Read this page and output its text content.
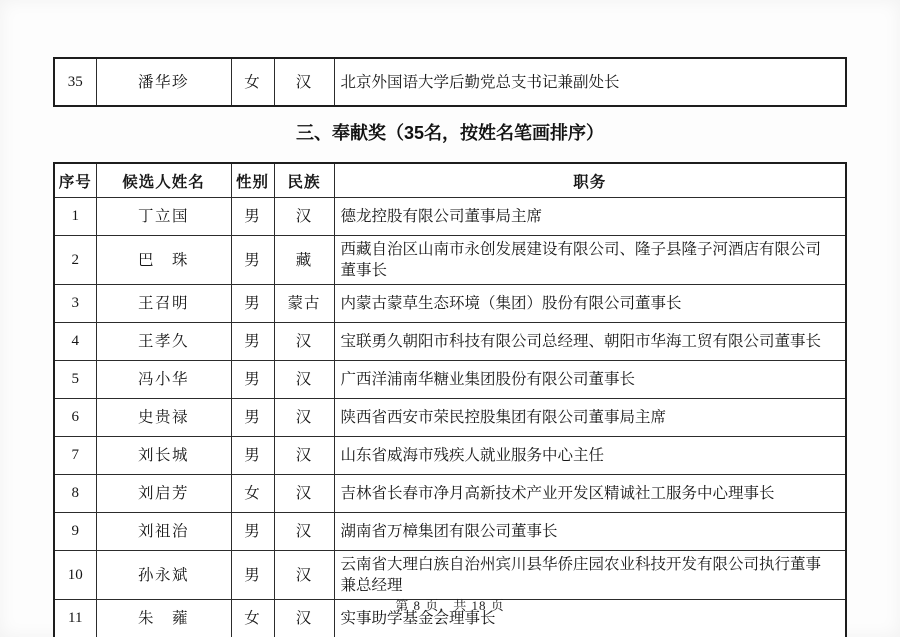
35	潘华珍	女	汉	北京外国语大学后勤党总支书记兼副处长
三、奉献奖（35名，按姓名笔画排序）
序号	候选人姓名	性别	民族	职务
1	丁立国	男	汉	德龙控股有限公司董事局主席
2	巴　珠	男	藏	西藏自治区山南市永创发展建设有限公司、隆子县隆子河酒店有限公司董事长
3	王召明	男	蒙古	内蒙古蒙草生态环境（集团）股份有限公司董事长
4	王孝久	男	汉	宝联勇久朝阳市科技有限公司总经理、朝阳市华海工贸有限公司董事长
5	冯小华	男	汉	广西洋浦南华糖业集团股份有限公司董事长
6	史贵禄	男	汉	陕西省西安市荣民控股集团有限公司董事局主席
7	刘长城	男	汉	山东省威海市残疾人就业服务中心主任
8	刘启芳	女	汉	吉林省长春市净月高新技术产业开发区精诚社工服务中心理事长
9	刘祖治	男	汉	湖南省万樟集团有限公司董事长
10	孙永斌	男	汉	云南省大理白族自治州宾川县华侨庄园农业科技开发有限公司执行董事兼总经理
11	朱　蕹	女	汉	实事助学基金会理事长
第 8 页，共 18 页
